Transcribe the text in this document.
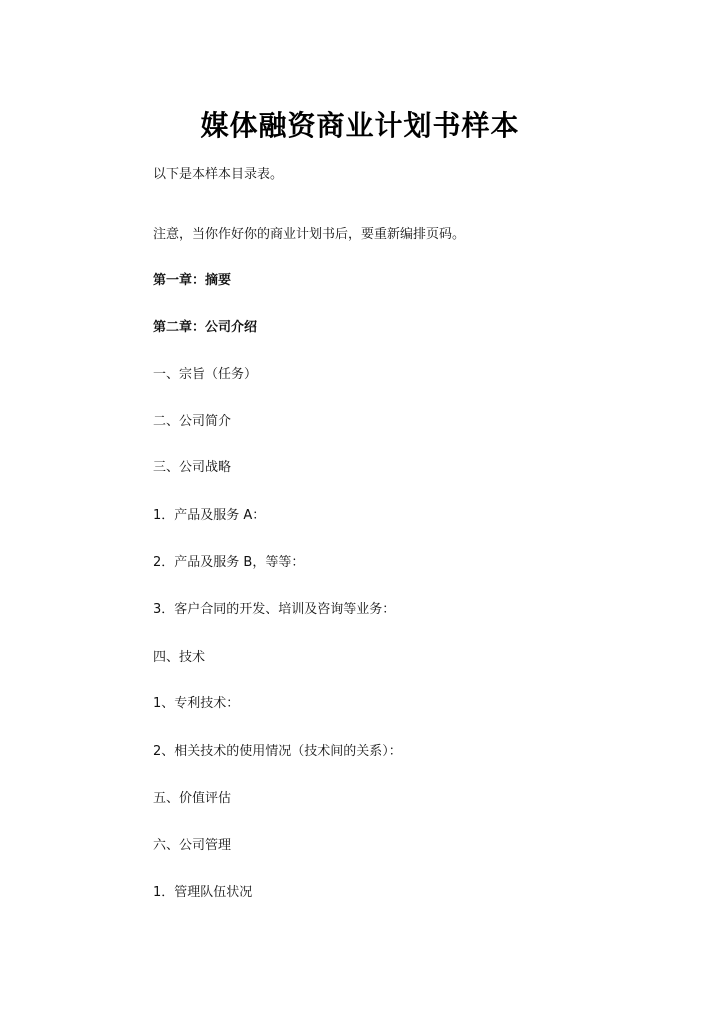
媒体融资商业计划书样本

以下是本样本目录表。

注意，当你作好你的商业计划书后，要重新编排页码。

第一章：摘要

第二章：公司介绍

一、宗旨（任务）

二、公司简介

三、公司战略

1．产品及服务 A：

2．产品及服务 B，等等：

3．客户合同的开发、培训及咨询等业务：

四、技术

1、专利技术：

2、相关技术的使用情况（技术间的关系）：

五、价值评估

六、公司管理

1．管理队伍状况
